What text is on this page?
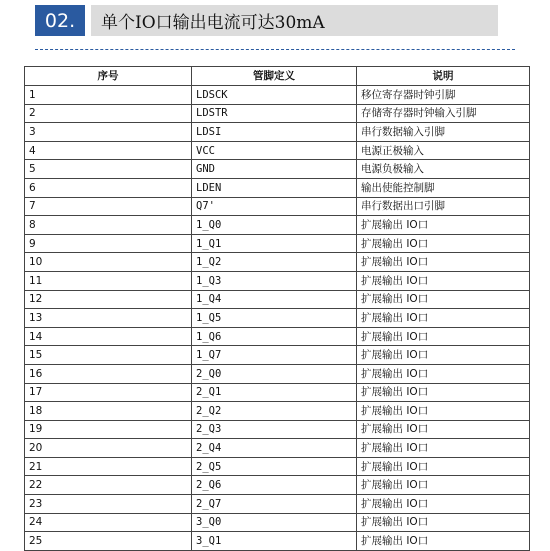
02.	单个IO口输出电流可达30mA
序号	管脚定义	说明
1	LDSCK	移位寄存器时钟引脚
2	LDSTR	存储寄存器时钟输入引脚
3	LDSI	串行数据输入引脚
4	VCC	电源正极输入
5	GND	电源负极输入
6	LDEN	输出使能控制脚
7	Q7'	串行数据出口引脚
8	1_Q0	扩展输出 IO口
9	1_Q1	扩展输出 IO口
10	1_Q2	扩展输出 IO口
11	1_Q3	扩展输出 IO口
12	1_Q4	扩展输出 IO口
13	1_Q5	扩展输出 IO口
14	1_Q6	扩展输出 IO口
15	1_Q7	扩展输出 IO口
16	2_Q0	扩展输出 IO口
17	2_Q1	扩展输出 IO口
18	2_Q2	扩展输出 IO口
19	2_Q3	扩展输出 IO口
20	2_Q4	扩展输出 IO口
21	2_Q5	扩展输出 IO口
22	2_Q6	扩展输出 IO口
23	2_Q7	扩展输出 IO口
24	3_Q0	扩展输出 IO口
25	3_Q1	扩展输出 IO口
